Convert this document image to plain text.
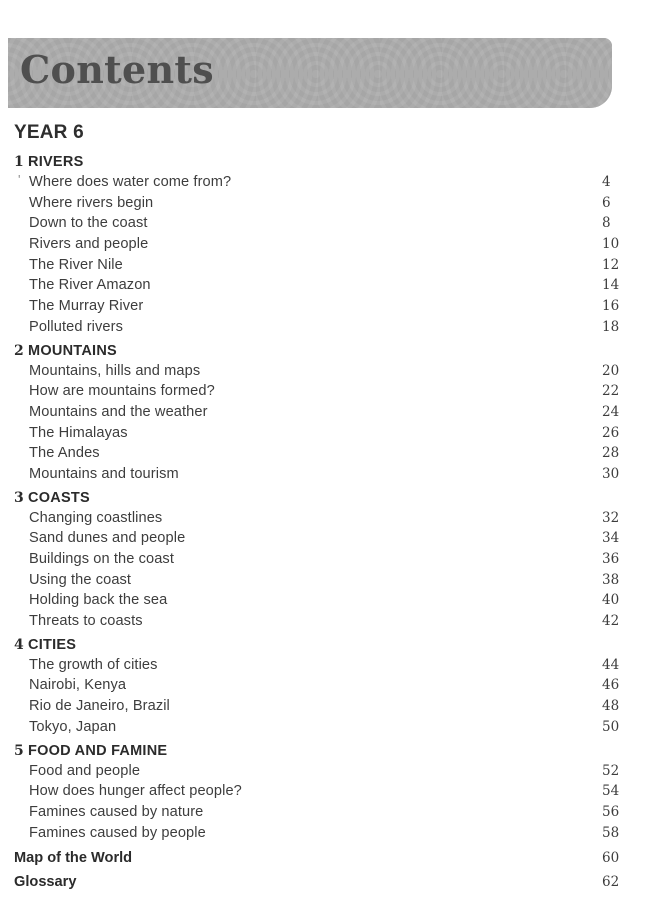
Contents
YEAR 6
1 RIVERS
' Where does water come from?	4
Where rivers begin	6
Down to the coast	8
Rivers and people	10
The River Nile	12
The River Amazon	14
The Murray River	16
Polluted rivers	18
2 MOUNTAINS
Mountains, hills and maps	20
How are mountains formed?	22
Mountains and the weather	24
The Himalayas	26
The Andes	28
Mountains and tourism	30
3 COASTS
Changing coastlines	32
Sand dunes and people	34
Buildings on the coast	36
Using the coast	38
Holding back the sea	40
Threats to coasts	42
4 CITIES
The growth of cities	44
Nairobi, Kenya	46
Rio de Janeiro, Brazil	48
Tokyo, Japan	50
5 FOOD AND FAMINE
Food and people	52
How does hunger affect people?	54
Famines caused by nature	56
Famines caused by people	58
Map of the World	60
Glossary	62
